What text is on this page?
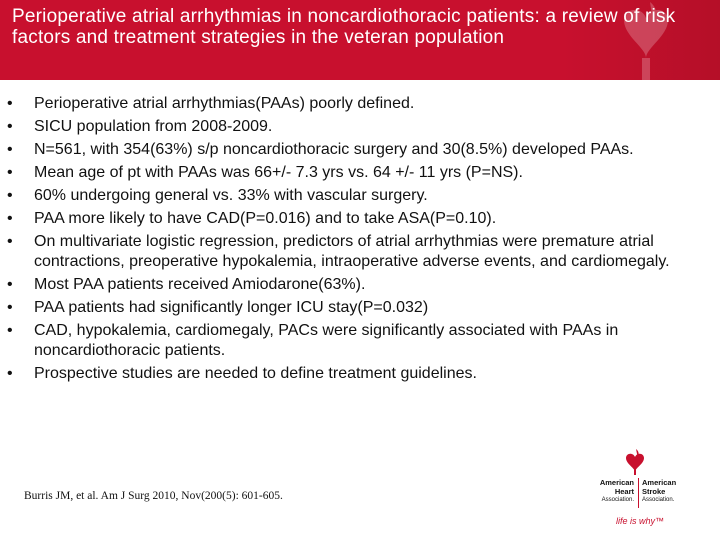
Perioperative atrial arrhythmias in noncardiothoracic patients: a review of risk factors and treatment strategies in the veteran population
• Perioperative atrial arrhythmias(PAAs) poorly defined.
• SICU population from 2008-2009.
• N=561, with 354(63%) s/p noncardiothoracic surgery and 30(8.5%) developed PAAs.
• Mean age of pt with PAAs was 66+/- 7.3 yrs vs. 64 +/- 11 yrs (P=NS).
• 60% undergoing general vs. 33% with vascular surgery.
• PAA more likely to have CAD(P=0.016) and to take ASA(P=0.10).
• On multivariate logistic regression, predictors of atrial arrhythmias were premature atrial contractions, preoperative hypokalemia, intraoperative adverse events, and cardiomegaly.
• Most PAA patients received Amiodarone(63%).
• PAA patients had significantly longer ICU stay(P=0.032)
• CAD, hypokalemia, cardiomegaly, PACs were significantly associated with PAAs in noncardiothoracic patients.
• Prospective studies are needed to define treatment guidelines.
Burris JM, et al. Am J Surg 2010, Nov(200(5): 601-605.
American
Heart
Association.
American
Stroke
Association.
life is why™
